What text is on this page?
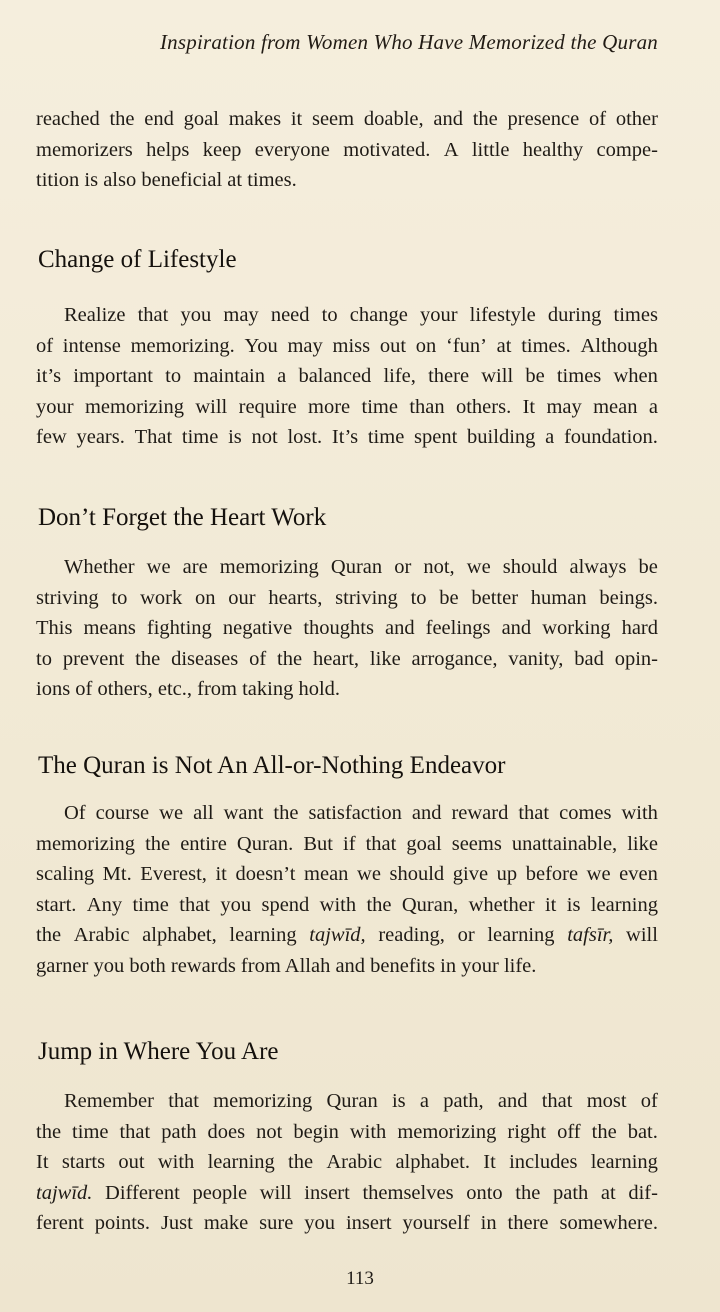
Inspiration from Women Who Have Memorized the Quran
reached the end goal makes it seem doable, and the presence of other
memorizers helps keep everyone motivated. A little healthy compe-
tition is also beneficial at times.
Change of Lifestyle
Realize that you may need to change your lifestyle during times
of intense memorizing. You may miss out on ‘fun’ at times. Although
it’s important to maintain a balanced life, there will be times when
your memorizing will require more time than others. It may mean a
few years. That time is not lost. It’s time spent building a foundation.
Don’t Forget the Heart Work
Whether we are memorizing Quran or not, we should always be
striving to work on our hearts, striving to be better human beings.
This means fighting negative thoughts and feelings and working hard
to prevent the diseases of the heart, like arrogance, vanity, bad opin-
ions of others, etc., from taking hold.
The Quran is Not An All-or-Nothing Endeavor
Of course we all want the satisfaction and reward that comes with
memorizing the entire Quran. But if that goal seems unattainable, like
scaling Mt. Everest, it doesn’t mean we should give up before we even
start. Any time that you spend with the Quran, whether it is learning
the Arabic alphabet, learning tajwīd, reading, or learning tafsīr, will
garner you both rewards from Allah and benefits in your life.
Jump in Where You Are
Remember that memorizing Quran is a path, and that most of
the time that path does not begin with memorizing right off the bat.
It starts out with learning the Arabic alphabet. It includes learning
tajwīd. Different people will insert themselves onto the path at dif-
ferent points. Just make sure you insert yourself in there somewhere.
113
